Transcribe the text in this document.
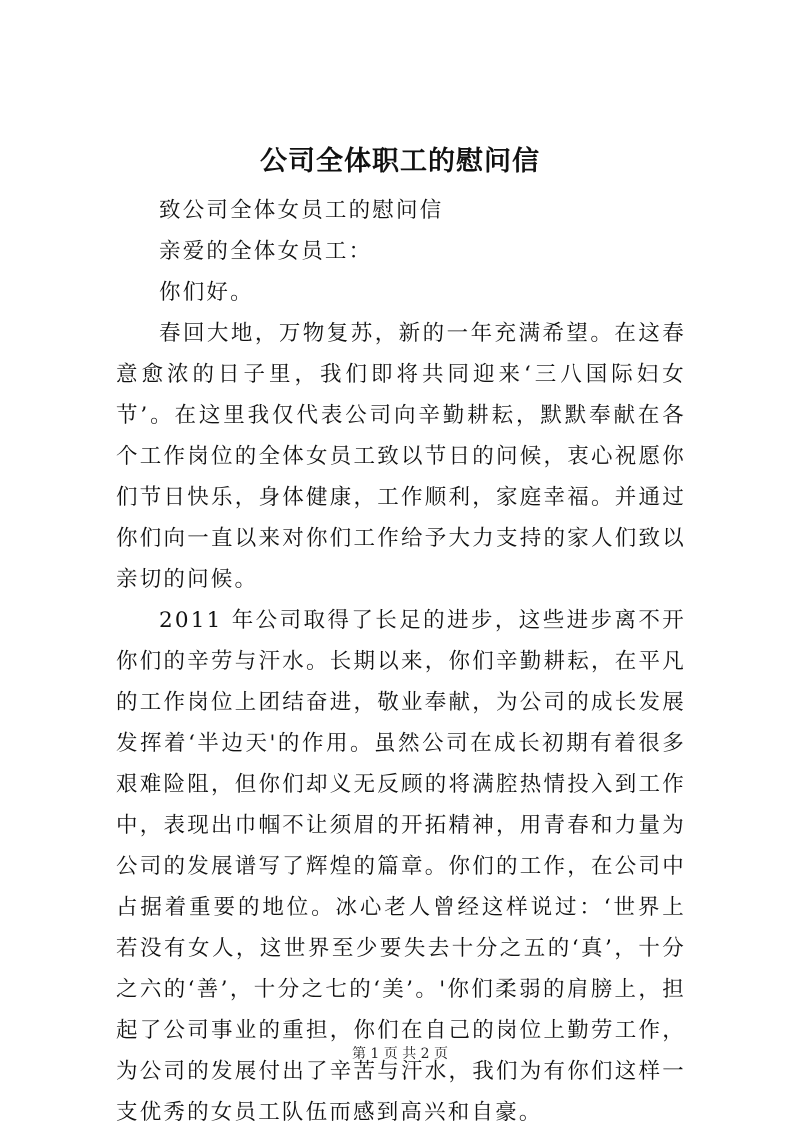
公司全体职工的慰问信

致公司全体女员工的慰问信

亲爱的全体女员工：

你们好。

春回大地，万物复苏，新的一年充满希望。在这春意愈浓的日子里，我们即将共同迎来‘三八国际妇女节’。在这里我仅代表公司向辛勤耕耘，默默奉献在各个工作岗位的全体女员工致以节日的问候，衷心祝愿你们节日快乐，身体健康，工作顺利，家庭幸福。并通过你们向一直以来对你们工作给予大力支持的家人们致以亲切的问候。

2011 年公司取得了长足的进步，这些进步离不开你们的辛劳与汗水。长期以来，你们辛勤耕耘，在平凡的工作岗位上团结奋进，敬业奉献，为公司的成长发展发挥着‘半边天'的作用。虽然公司在成长初期有着很多艰难险阻，但你们却义无反顾的将满腔热情投入到工作中，表现出巾帼不让须眉的开拓精神，用青春和力量为公司的发展谱写了辉煌的篇章。你们的工作，在公司中占据着重要的地位。冰心老人曾经这样说过：‘世界上若没有女人，这世界至少要失去十分之五的‘真’，十分之六的‘善’，十分之七的‘美’。'你们柔弱的肩膀上，担起了公司事业的重担，你们在自己的岗位上勤劳工作，为公司的发展付出了辛苦与汗水，我们为有你们这样一支优秀的女员工队伍而感到高兴和自豪。

第 1 页 共 2 页
